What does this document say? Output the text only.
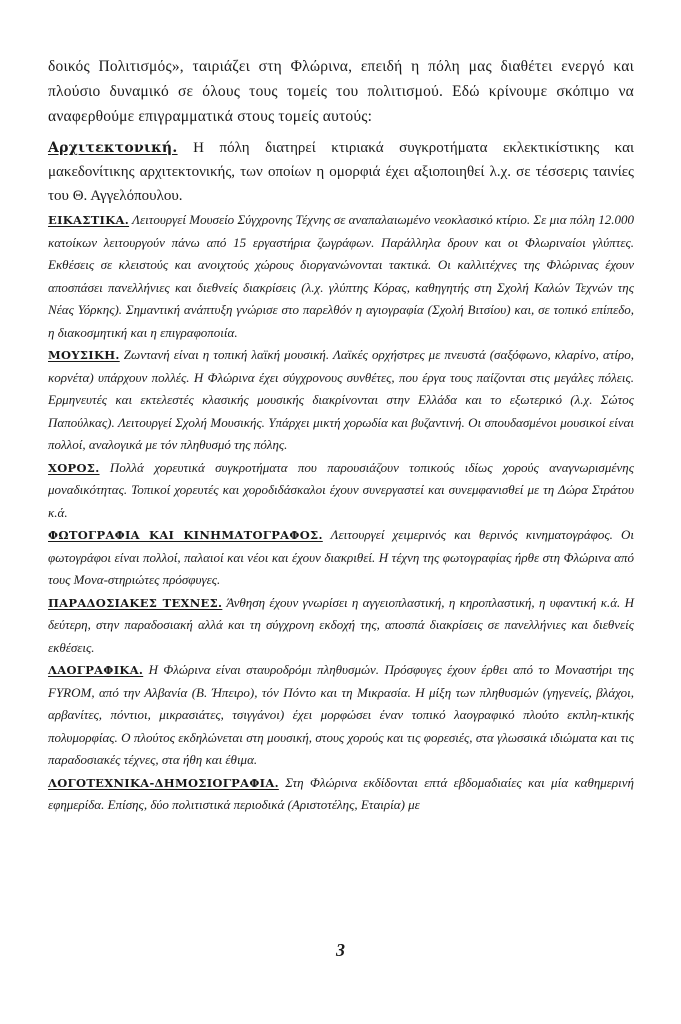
δοικός Πολιτισμός», ταιριάζει στη Φλώρινα, επειδή η πόλη μας διαθέτει ενεργό και πλούσιο δυναμικό σε όλους τους τομείς του πολιτισμού. Εδώ κρίνουμε σκόπιμο να αναφερθούμε επιγραμματικά στους τομείς αυτούς:

Αρχιτεκτονική. Η πόλη διατηρεί κτιριακά συγκροτήματα εκλεκτικίστικης και μακεδονίτικης αρχιτεκτονικής, των οποίων η ομορφιά έχει αξιοποιηθεί λ.χ. σε τέσσερις ταινίες του Θ. Αγγελόπουλου.

ΕΙΚΑΣΤΙΚΑ. Λειτουργεί Μουσείο Σύγχρονης Τέχνης σε αναπαλαιωμένο νεοκλασικό κτίριο. Σε μια πόλη 12.000 κατοίκων λειτουργούν πάνω από 15 εργαστήρια ζωγράφων. Παράλληλα δρουν και οι Φλωριναίοι γλύπτες. Εκθέσεις σε κλειστούς και ανοιχτούς χώρους διοργανώνονται τακτικά. Οι καλλιτέχνες της Φλώρινας έχουν αποσπάσει πανελλήνιες και διεθνείς διακρίσεις (λ.χ. γλύπτης Κόρας, καθηγητής στη Σχολή Καλών Τεχνών της Νέας Υόρκης). Σημαντική ανάπτυξη γνώρισε στο παρελθόν η αγιογραφία (Σχολή Βιτσίου) και, σε τοπικό επίπεδο, η διακοσμητική και η επιγραφοποιία.

ΜΟΥΣΙΚΗ. Ζωντανή είναι η τοπική λαϊκή μουσική. Λαϊκές ορχήστρες με πνευστά (σαξόφωνο, κλαρίνο, ατίρο, κορνέτα) υπάρχουν πολλές. Η Φλώρινα έχει σύγχρονους συνθέτες, που έργα τους παίζονται στις μεγάλες πόλεις. Ερμηνευτές και εκτελεστές κλασικής μουσικής διακρίνονται στην Ελλάδα και το εξωτερικό (λ.χ. Σώτος Παπούλκας). Λειτουργεί Σχολή Μουσικής. Υπάρχει μικτή χορωδία και βυζαντινή. Οι σπουδασμένοι μουσικοί είναι πολλοί, αναλογικά με τόν πληθυσμό της πόλης.

ΧΟΡΟΣ. Πολλά χορευτικά συγκροτήματα που παρουσιάζουν τοπικούς ιδίως χορούς αναγνωρισμένης μοναδικότητας. Τοπικοί χορευτές και χοροδιδάσκαλοι έχουν συνεργαστεί και συνεμφανισθεί με τη Δώρα Στράτου κ.ά.

ΦΩΤΟΓΡΑΦΙΑ ΚΑΙ ΚΙΝΗΜΑΤΟΓΡΑΦΟΣ. Λειτουργεί χειμερινός και θερινός κινηματογράφος. Οι φωτογράφοι είναι πολλοί, παλαιοί και νέοι και έχουν διακριθεί. Η τέχνη της φωτογραφίας ήρθε στη Φλώρινα από τους Μονα-στηριώτες πρόσφυγες.

ΠΑΡΑΔΟΣΙΑΚΕΣ ΤΕΧΝΕΣ. Άνθηση έχουν γνωρίσει η αγγειοπλαστική, η κηροπλαστική, η υφαντική κ.ά. Η δεύτερη, στην παραδοσιακή αλλά και τη σύγχρονη εκδοχή της, αποσπά διακρίσεις σε πανελλήνιες και διεθνείς εκθέσεις.

ΛΑΟΓΡΑΦΙΚΑ. Η Φλώρινα είναι σταυροδρόμι πληθυσμών. Πρόσφυγες έχουν έρθει από το Μοναστήρι της FYROM, από την Αλβανία (Β. Ήπειρο), τόν Πόντο και τη Μικρασία. Η μίξη των πληθυσμών (γηγενείς, βλάχοι, αρβανίτες, πόντιοι, μικρασιάτες, τσιγγάνοι) έχει μορφώσει έναν τοπικό λαογραφικό πλούτο εκπλη-κτικής πολυμορφίας. Ο πλούτος εκδηλώνεται στη μουσική, στους χορούς και τις φορεσιές, στα γλωσσικά ιδιώματα και τις παραδοσιακές τέχνες, στα ήθη και έθιμα.

ΛΟΓΟΤΕΧΝΙΚΑ-ΔΗΜΟΣΙΟΓΡΑΦΙΑ. Στη Φλώρινα εκδίδονται επτά εβδομαδιαίες και μία καθημερινή εφημερίδα. Επίσης, δύο πολιτιστικά περιοδικά (Αριστοτέλης, Εταιρία) με

3
